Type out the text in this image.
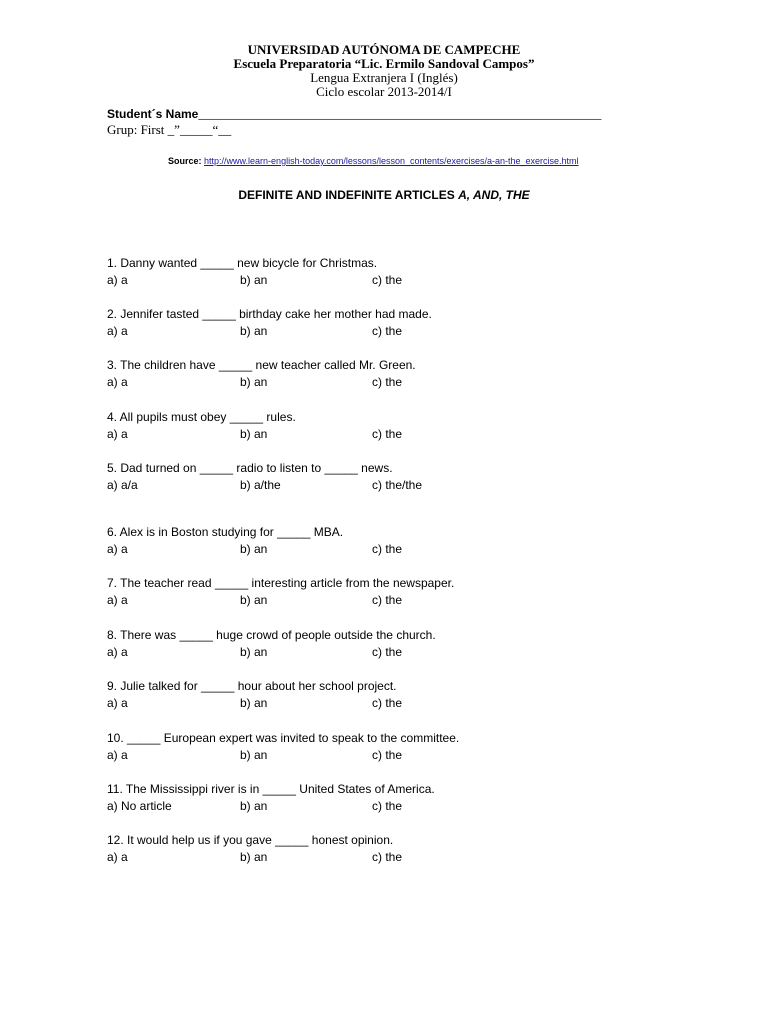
UNIVERSIDAD AUTÓNOMA DE CAMPECHE
Escuela Preparatoria “Lic. Ermilo Sandoval Campos”
Lengua Extranjera I (Inglés)
Ciclo escolar 2013-2014/I
Student´s Name______________________________________________________________
Grup: First _”_____“__
Source: http://www.learn-english-today.com/lessons/lesson_contents/exercises/a-an-the_exercise.html
DEFINITE AND INDEFINITE ARTICLES A, AND, THE
1. Danny wanted _____ new bicycle for Christmas.
a) a	b) an	c) the
2. Jennifer tasted _____ birthday cake her mother had made.
a) a	b) an	c) the
3. The children have _____ new teacher called Mr. Green.
a) a	b) an	c) the
4. All pupils must obey _____ rules.
a) a	b) an	c) the
5. Dad turned on _____ radio to listen to _____ news.
a) a/a	b) a/the	c) the/the
6. Alex is in Boston studying for _____ MBA.
a) a	b) an	c) the
7. The teacher read _____ interesting article from the newspaper.
a) a	b) an	c) the
8. There was _____ huge crowd of people outside the church.
a) a	b) an	c) the
9. Julie talked for _____ hour about her school project.
a) a	b) an	c) the
10. _____ European expert was invited to speak to the committee.
a) a	b) an	c) the
11. The Mississippi river is in _____ United States of America.
a) No article	b) an	c) the
12. It would help us if you gave _____ honest opinion.
a) a	b) an	c) the
